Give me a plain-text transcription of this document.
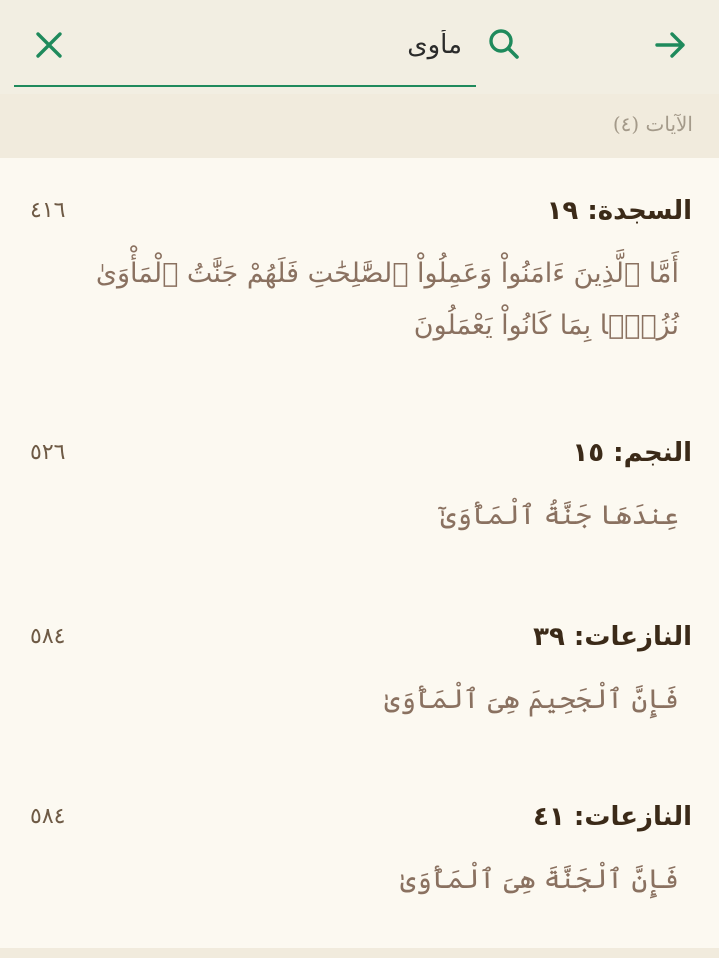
مأوى
الآيات (٤)
السجدة: ١٩
٤١٦
أَمَّا ٱلَّذِينَ ءَامَنُواْ وَعَمِلُواْ ٱلصَّٰلِحَٰتِ فَلَهُمْ جَنَّٰتُ ٱلْمَأْوَىٰ نُزُلًۢا بِمَا كَانُواْ يَعْمَلُونَ
النجم: ١٥
٥٢٦
عِندَهَا جَنَّةُ ٱلْمَأْوَىٰٓ
النازعات: ٣٩
٥٨٤
فَإِنَّ ٱلْجَحِيمَ هِىَ ٱلْمَأْوَىٰ
النازعات: ٤١
٥٨٤
فَإِنَّ ٱلْجَنَّةَ هِىَ ٱلْمَأْوَىٰ
